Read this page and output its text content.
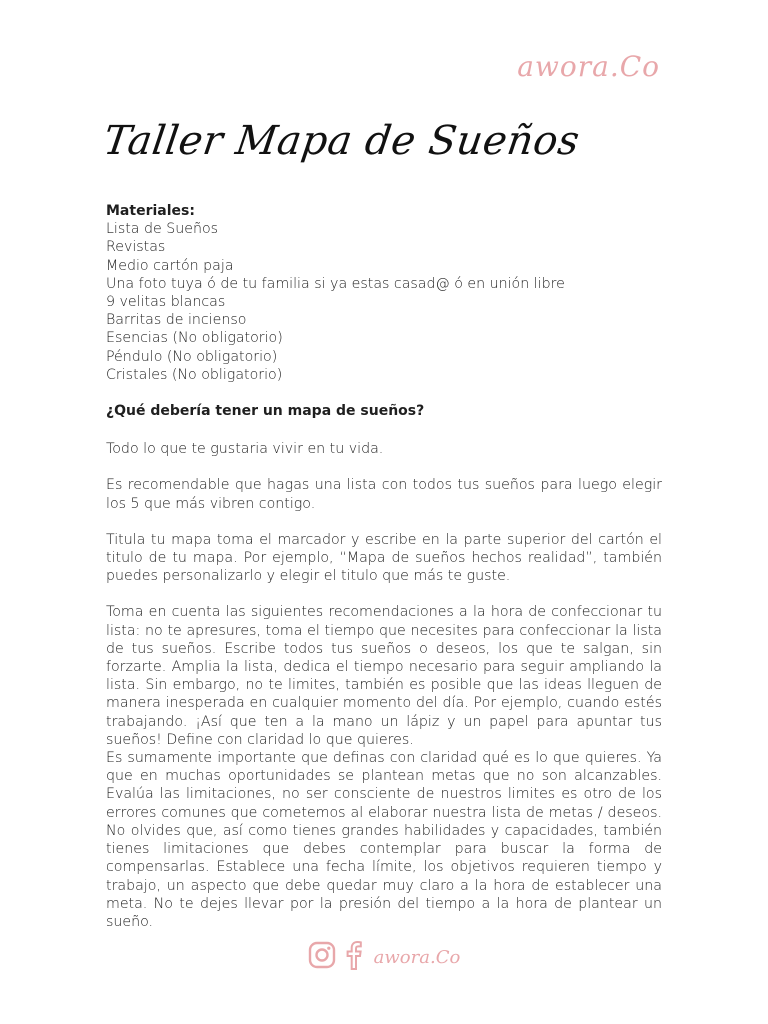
awora.Co
Taller Mapa de Sueños

Materiales:

Lista de Sueños
Revistas
Medio cartón paja
Una foto tuya ó de tu familia si ya estas casad@ ó en unión libre
9 velitas blancas
Barritas de incienso
Esencias (No obligatorio)
Péndulo (No obligatorio)
Cristales (No obligatorio)

¿Qué debería tener un mapa de sueños?

Todo lo que te gustaria vivir en tu vida.

Es recomendable que hagas una lista con todos tus sueños para luego elegir los 5 que más vibren contigo.

Titula tu mapa toma el marcador y escribe en la parte superior del cartón el titulo de tu mapa. Por ejemplo, “Mapa de sueños hechos realidad”, también puedes personalizarlo y elegir el titulo que más te guste.

Toma en cuenta las siguientes recomendaciones a la hora de confeccionar tu lista: no te apresures, toma el tiempo que necesites para confeccionar la lista de tus sueños. Escribe todos tus sueños o deseos, los que te salgan, sin forzarte. Amplia la lista, dedica el tiempo necesario para seguir ampliando la lista. Sin embargo, no te limites, también es posible que las ideas lleguen de manera inesperada en cualquier momento del día. Por ejemplo, cuando estés trabajando. ¡Así que ten a la mano un lápiz y un papel para apuntar tus sueños! Define con claridad lo que quieres.

Es sumamente importante que definas con claridad qué es lo que quieres. Ya que en muchas oportunidades se plantean metas que no son alcanzables. Evalúa las limitaciones, no ser consciente de nuestros limites es otro de los errores comunes que cometemos al elaborar nuestra lista de metas / deseos. No olvides que, así como tienes grandes habilidades y capacidades, también tienes limitaciones que debes contemplar para buscar la forma de compensarlas. Establece una fecha límite, los objetivos requieren tiempo y trabajo, un aspecto que debe quedar muy claro a la hora de establecer una meta. No te dejes llevar por la presión del tiempo a la hora de plantear un sueño.

awora.Co
